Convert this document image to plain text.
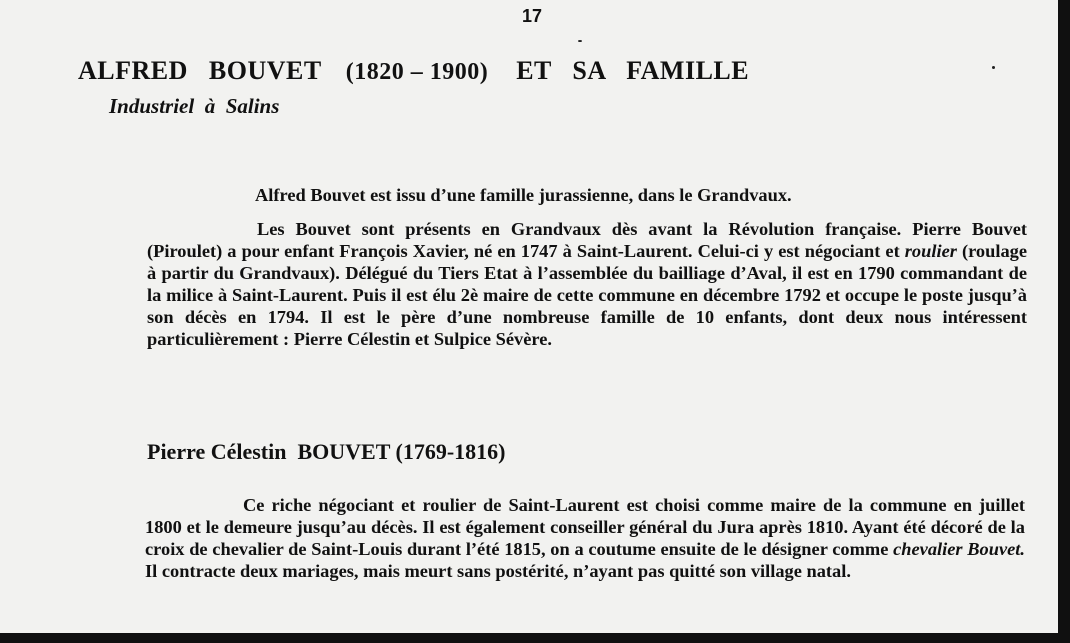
17
ALFRED   BOUVET (1820 – 1900) ET   SA   FAMILLE
Industriel  à  Salins

Alfred Bouvet est issu d’une famille jurassienne, dans le Grandvaux.

Les Bouvet sont présents en Grandvaux dès avant la Révolution française. Pierre Bouvet (Piroulet) a pour enfant François Xavier, né en 1747 à Saint-Laurent. Celui-ci y est négociant et roulier (roulage à partir du Grandvaux). Délégué du Tiers Etat à l’assemblée du bailliage d’Aval, il est en 1790 commandant de la milice à Saint-Laurent. Puis il est élu 2è maire de cette commune en décembre 1792 et occupe le poste jusqu’à son décès en 1794. Il est le père d’une nombreuse famille de 10 enfants, dont deux nous intéressent particulièrement : Pierre Célestin et Sulpice Sévère.

Pierre Célestin  BOUVET (1769-1816)

Ce riche négociant et roulier de Saint-Laurent est choisi comme maire de la commune en juillet 1800 et le demeure jusqu’au décès. Il est également conseiller général du Jura après 1810. Ayant été décoré de la croix de chevalier de Saint-Louis durant l’été 1815, on a coutume ensuite de le désigner comme chevalier Bouvet. Il contracte deux mariages, mais meurt sans postérité, n’ayant pas quitté son village natal.
